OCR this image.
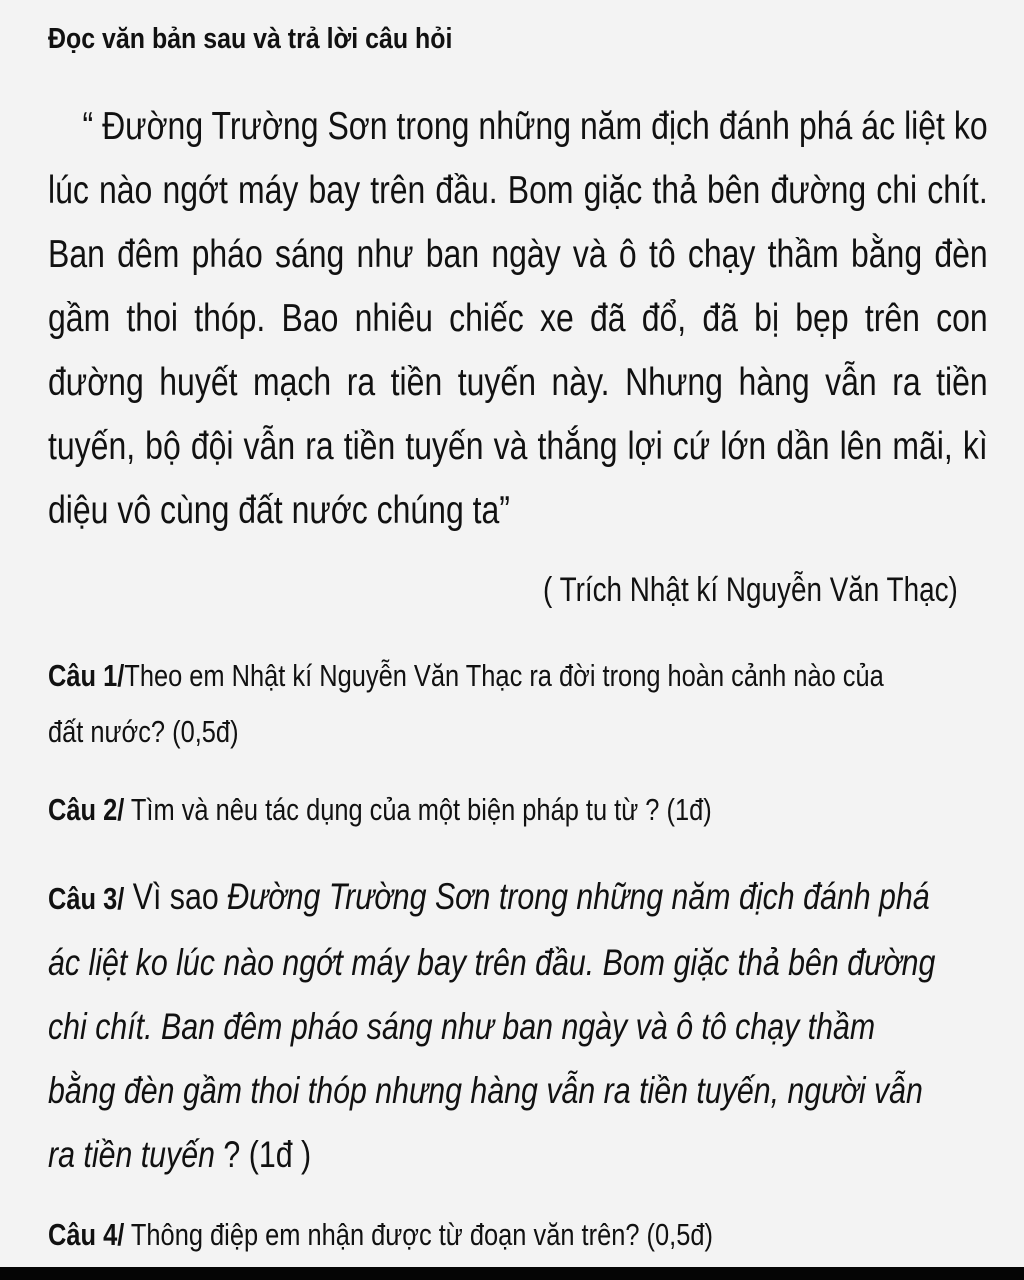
Đọc văn bản sau và trả lời câu hỏi
“ Đường Trường Sơn trong những năm địch đánh phá ác liệt ko
lúc nào ngớt máy bay trên đầu. Bom giặc thả bên đường chi chít.
Ban đêm pháo sáng như ban ngày và ô tô chạy thầm bằng đèn
gầm thoi thóp. Bao nhiêu chiếc xe đã đổ, đã bị bẹp trên con
đường huyết mạch ra tiền tuyến này. Nhưng hàng vẫn ra tiền
tuyến, bộ đội vẫn ra tiền tuyến và thắng lợi cứ lớn dần lên mãi, kì
diệu vô cùng đất nước chúng ta”
( Trích Nhật kí Nguyễn Văn Thạc)
Câu 1/Theo em Nhật kí Nguyễn Văn Thạc ra đời trong hoàn cảnh nào của
đất nước? (0,5đ)
Câu 2/ Tìm và nêu tác dụng của một biện pháp tu từ ? (1đ)
Câu 3/ Vì sao Đường Trường Sơn trong những năm địch đánh phá
ác liệt ko lúc nào ngớt máy bay trên đầu. Bom giặc thả bên đường
chi chít. Ban đêm pháo sáng như ban ngày và ô tô chạy thầm
bằng đèn gầm thoi thóp nhưng hàng vẫn ra tiền tuyến, người vẫn
ra tiền tuyến ? (1đ )
Câu 4/ Thông điệp em nhận được từ đoạn văn trên? (0,5đ)
